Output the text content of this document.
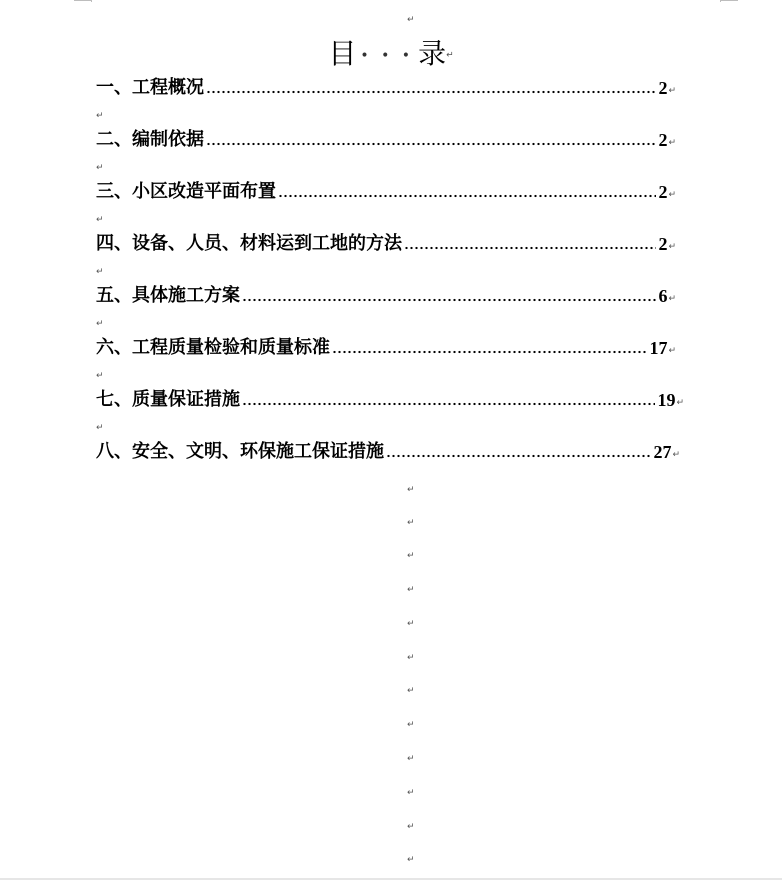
↵
目 • • • 录↵
一、工程概况	2 ↵
↵
二、编制依据	2 ↵
↵
三、小区改造平面布置	2 ↵
↵
四、设备、人员、材料运到工地的方法	2 ↵
↵
五、具体施工方案	6 ↵
↵
六、工程质量检验和质量标准	17 ↵
↵
七、质量保证措施	19 ↵
↵
八、安全、文明、环保施工保证措施	27 ↵
↵
↵
↵
↵
↵
↵
↵
↵
↵
↵
↵
↵
